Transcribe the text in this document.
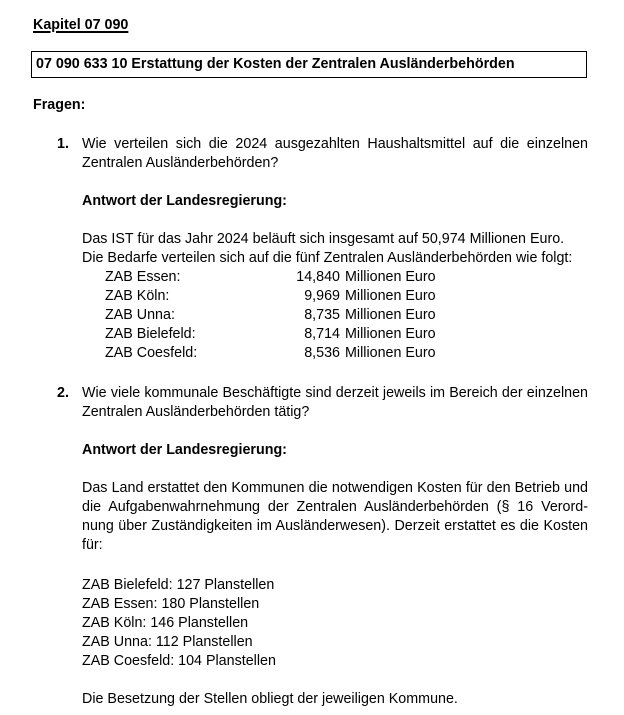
Kapitel 07 090
07 090 633 10 Erstattung der Kosten der Zentralen Ausländerbehörden
Fragen:
1. Wie verteilen sich die 2024 ausgezahlten Haushaltsmittel auf die einzelnen
Zentralen Ausländerbehörden?
Antwort der Landesregierung:
Das IST für das Jahr 2024 beläuft sich insgesamt auf 50,974 Millionen Euro.
Die Bedarfe verteilen sich auf die fünf Zentralen Ausländerbehörden wie folgt:
ZAB Essen:	14,840 Millionen Euro
ZAB Köln:	9,969 Millionen Euro
ZAB Unna:	8,735 Millionen Euro
ZAB Bielefeld:	8,714 Millionen Euro
ZAB Coesfeld:	8,536 Millionen Euro
2. Wie viele kommunale Beschäftigte sind derzeit jeweils im Bereich der einzelnen
Zentralen Ausländerbehörden tätig?
Antwort der Landesregierung:
Das Land erstattet den Kommunen die notwendigen Kosten für den Betrieb und
die Aufgabenwahrnehmung der Zentralen Ausländerbehörden (§ 16 Verord-
nung über Zuständigkeiten im Ausländerwesen). Derzeit erstattet es die Kosten
für:
ZAB Bielefeld: 127 Planstellen
ZAB Essen: 180 Planstellen
ZAB Köln: 146 Planstellen
ZAB Unna: 112 Planstellen
ZAB Coesfeld: 104 Planstellen
Die Besetzung der Stellen obliegt der jeweiligen Kommune.
